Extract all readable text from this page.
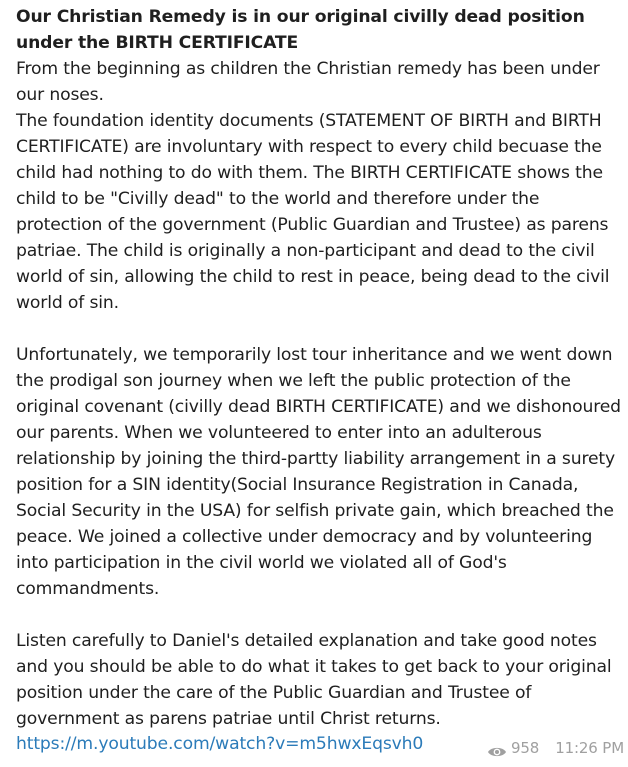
Our Christian Remedy is in our original civilly dead position under the BIRTH CERTIFICATE

From the beginning as children the Christian remedy has been under our noses.

The foundation identity documents (STATEMENT OF BIRTH and BIRTH CERTIFICATE) are involuntary with respect to every child becuase the child had nothing to do with them. The BIRTH CERTIFICATE shows the child to be "Civilly dead" to the world and therefore under the protection of the government (Public Guardian and Trustee) as parens patriae. The child is originally a non-participant and dead to the civil world of sin, allowing the child to rest in peace, being dead to the civil world of sin.

Unfortunately, we temporarily lost tour inheritance and we went down the prodigal son journey when we left the public protection of the original covenant (civilly dead BIRTH CERTIFICATE) and we dishonoured our parents. When we volunteered to enter into an adulterous relationship by joining the third-partty liability arrangement in a surety position for a SIN identity(Social Insurance Registration in Canada, Social Security in the USA) for selfish private gain, which breached the peace. We joined a collective under democracy and by volunteering into participation in the civil world we violated all of God's commandments.

Listen carefully to Daniel's detailed explanation and take good notes and you should be able to do what it takes to get back to your original position under the care of the Public Guardian and Trustee of government as parens patriae until Christ returns.

https://m.youtube.com/watch?v=m5hwxEqsvh0	958 11:26 PM
